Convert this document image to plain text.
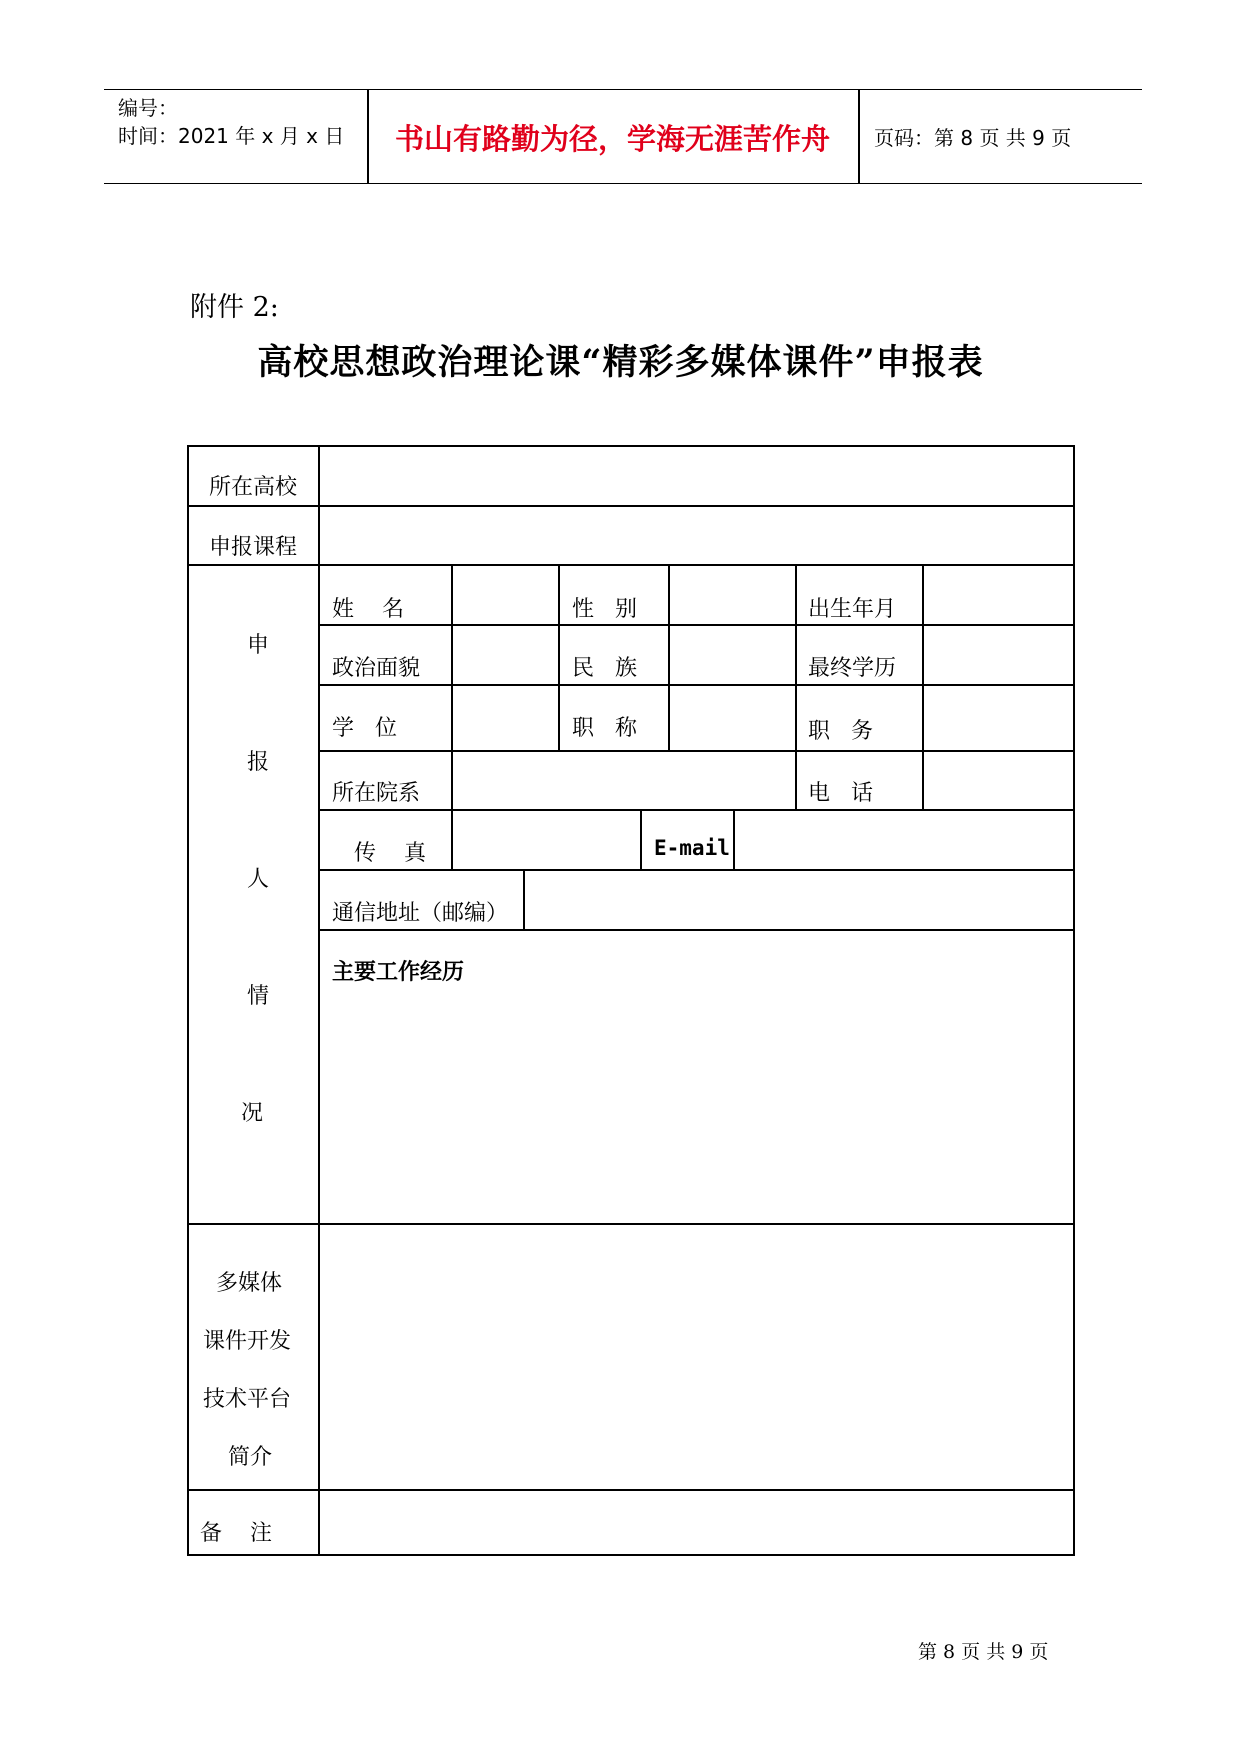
编号：
时间：2021 年 x 月 x 日	书山有路勤为径，学海无涯苦作舟	页码：第 8 页 共 9 页
附件 2:
高校思想政治理论课“精彩多媒体课件”申报表
所在高校
申报课程
申
报
人
情
况
姓    名	性   别	出生年月
政治面貌	民   族	最终学历
学   位	职   称	职   务
所在院系	电   话
传    真	E-mail
通信地址（邮编）
主要工作经历
多媒体
课件开发
技术平台
简介
备    注
第 8 页 共 9 页
